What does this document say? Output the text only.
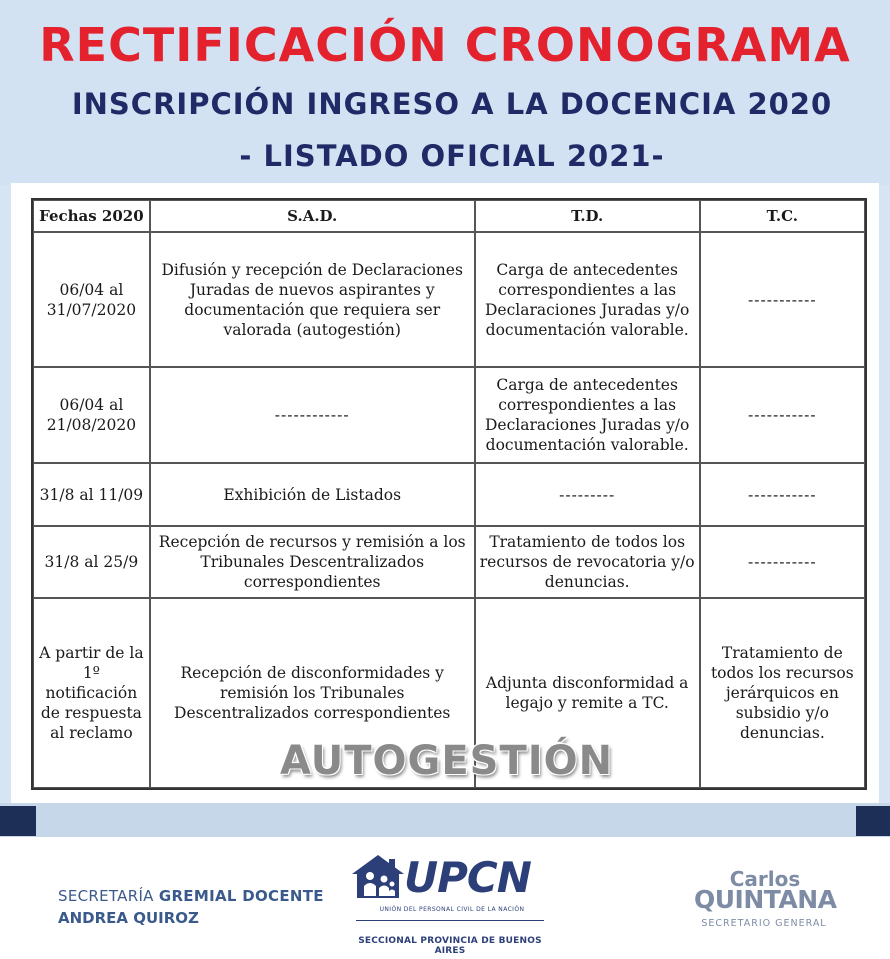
RECTIFICACIÓN CRONOGRAMA
INSCRIPCIÓN INGRESO A LA DOCENCIA 2020
- LISTADO OFICIAL 2021-
Fechas 2020	S.A.D.	T.D.	T.C.
06/04 al 31/07/2020	Difusión y recepción de Declaraciones Juradas de nuevos aspirantes y documentación que requiera ser valorada (autogestión)	Carga de antecedentes correspondientes a las Declaraciones Juradas y/o documentación valorable.	-----------
06/04 al 21/08/2020	------------	Carga de antecedentes correspondientes a las Declaraciones Juradas y/o documentación valorable.	-----------
31/8 al 11/09	Exhibición de Listados	---------	-----------
31/8 al 25/9	Recepción de recursos y remisión a los Tribunales Descentralizados correspondientes	Tratamiento de todos los recursos de revocatoria y/o denuncias.	-----------
A partir de la 1º notificación de respuesta al reclamo	Recepción de disconformidades y remisión los Tribunales Descentralizados correspondientes	Adjunta disconformidad a legajo y remite a TC.	Tratamiento de todos los recursos jerárquicos en subsidio y/o denuncias.
AUTOGESTIÓN
SECRETARÍA GREMIAL DOCENTE
ANDREA QUIROZ
UPCN
UNIÓN DEL PERSONAL CIVIL DE LA NACIÓN
SECCIONAL PROVINCIA DE BUENOS AIRES
Carlos
QUINTANA
SECRETARIO GENERAL
